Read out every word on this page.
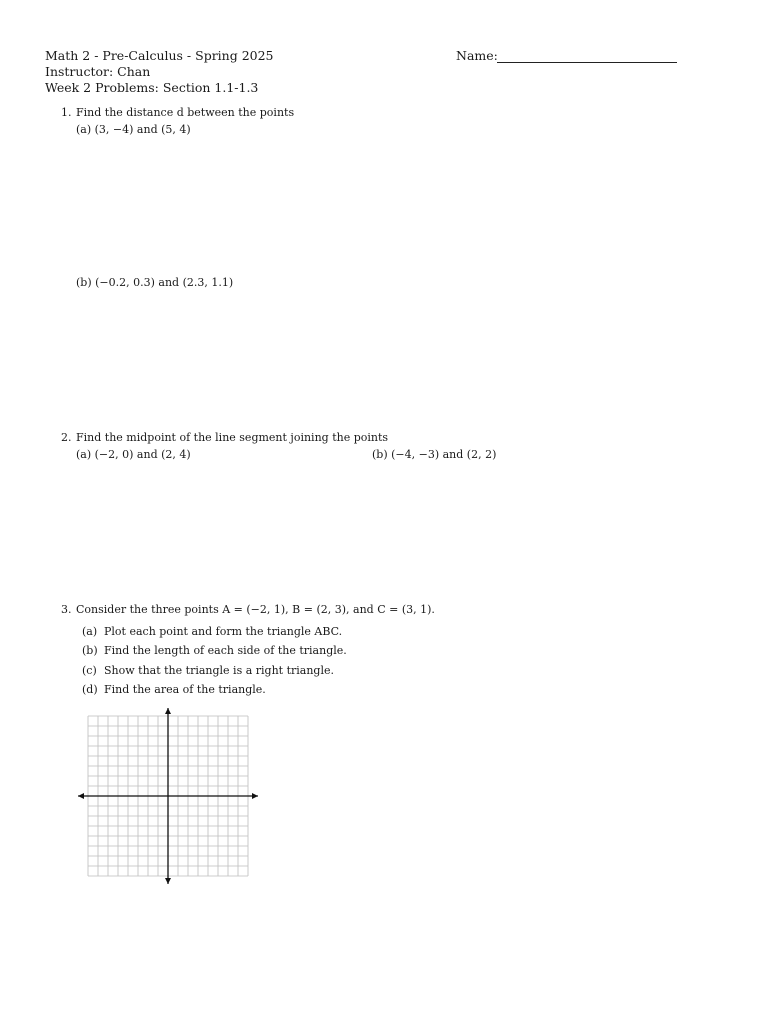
Math 2 - Pre-Calculus - Spring 2025
Instructor: Chan
Week 2 Problems: Section 1.1-1.3
Name:
1. Find the distance d between the points
(a) (3, −4) and (5, 4)
(b) (−0.2, 0.3) and (2.3, 1.1)
2. Find the midpoint of the line segment joining the points
(a) (−2, 0) and (2, 4)	(b) (−4, −3) and (2, 2)
3. Consider the three points A = (−2, 1), B = (2, 3), and C = (3, 1).
(a) Plot each point and form the triangle ABC.
(b) Find the length of each side of the triangle.
(c) Show that the triangle is a right triangle.
(d) Find the area of the triangle.
